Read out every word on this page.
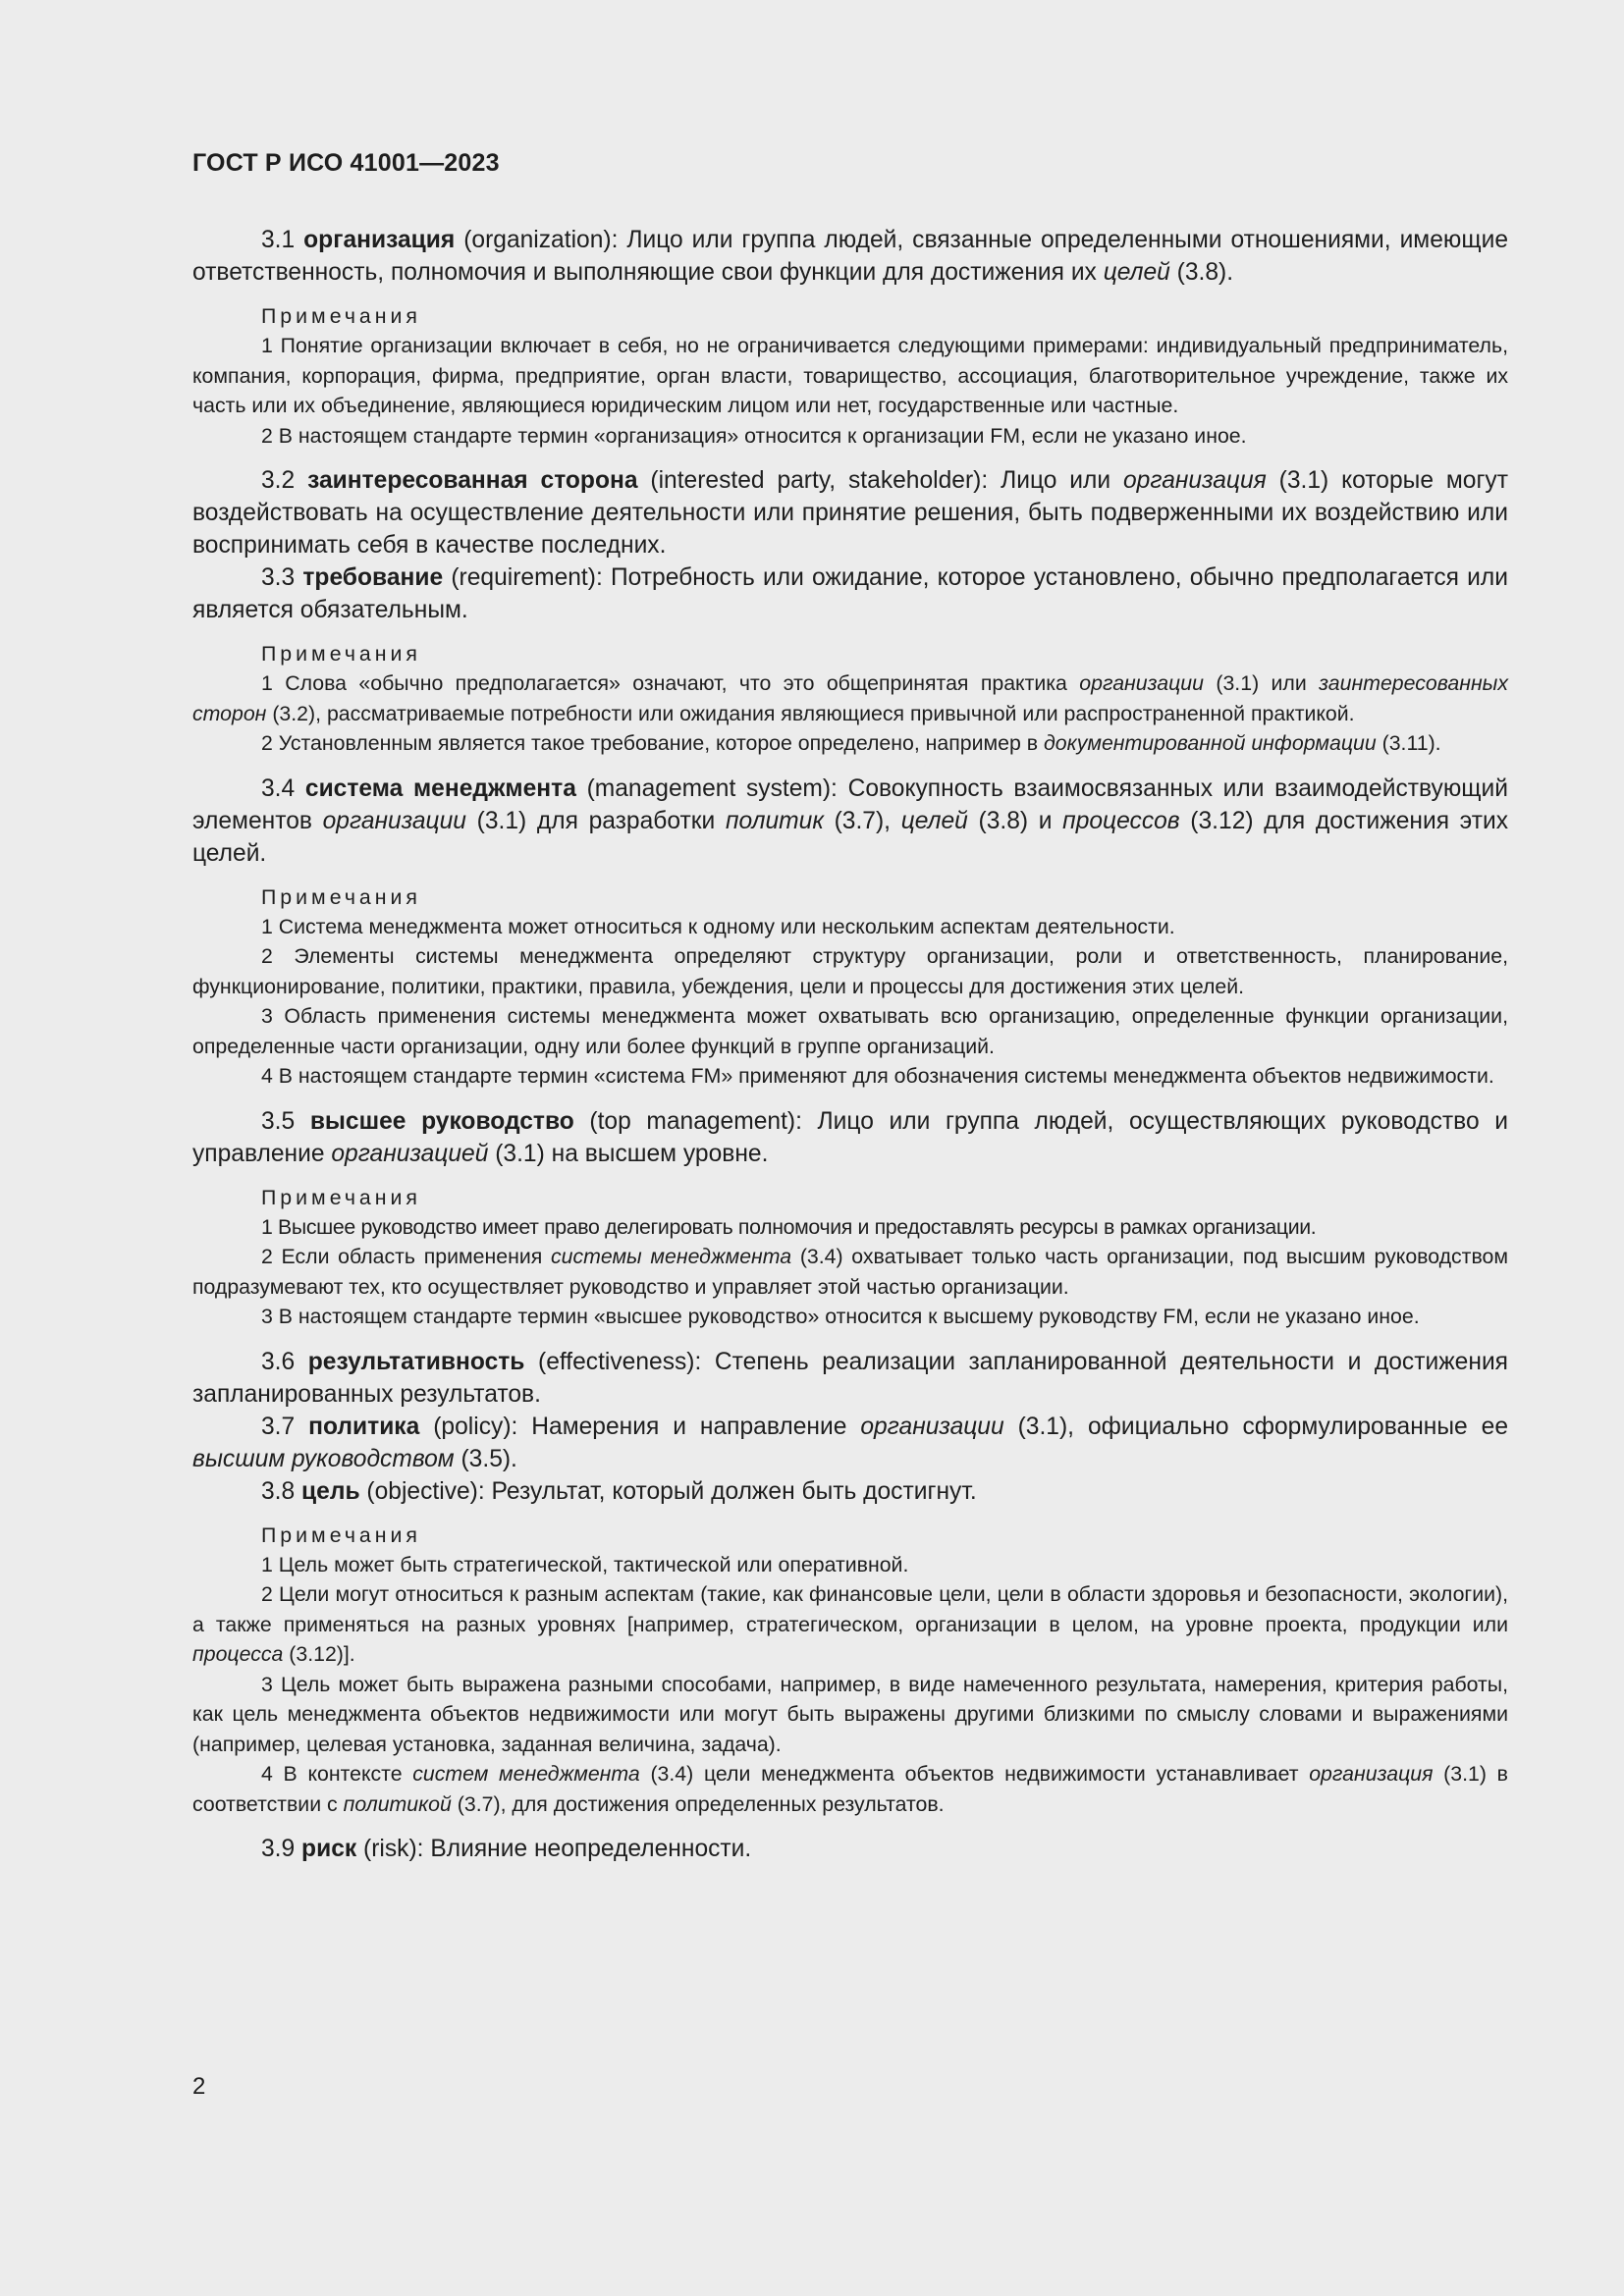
ГОСТ Р ИСО 41001—2023

3.1 организация (organization): Лицо или группа людей, связанные определенными отношениями, имеющие ответственность, полномочия и выполняющие свои функции для достижения их целей (3.8).

Примечания

1 Понятие организации включает в себя, но не ограничивается следующими примерами: индивидуальный предприниматель, компания, корпорация, фирма, предприятие, орган власти, товарищество, ассоциация, благотворительное учреждение, также их часть или их объединение, являющиеся юридическим лицом или нет, государственные или частные.

2 В настоящем стандарте термин «организация» относится к организации FM, если не указано иное.

3.2 заинтересованная сторона (interested party, stakeholder): Лицо или организация (3.1) которые могут воздействовать на осуществление деятельности или принятие решения, быть подверженными их воздействию или воспринимать себя в качестве последних.

3.3 требование (requirement): Потребность или ожидание, которое установлено, обычно предполагается или является обязательным.

Примечания

1 Слова «обычно предполагается» означают, что это общепринятая практика организации (3.1) или заинтересованных сторон (3.2), рассматриваемые потребности или ожидания являющиеся привычной или распространенной практикой.

2 Установленным является такое требование, которое определено, например в документированной информации (3.11).

3.4 система менеджмента (management system): Совокупность взаимосвязанных или взаимодействующий элементов организации (3.1) для разработки политик (3.7), целей (3.8) и процессов (3.12) для достижения этих целей.

Примечания

1 Система менеджмента может относиться к одному или нескольким аспектам деятельности.

2 Элементы системы менеджмента определяют структуру организации, роли и ответственность, планирование, функционирование, политики, практики, правила, убеждения, цели и процессы для достижения этих целей.

3 Область применения системы менеджмента может охватывать всю организацию, определенные функции организации, определенные части организации, одну или более функций в группе организаций.

4 В настоящем стандарте термин «система FM» применяют для обозначения системы менеджмента объектов недвижимости.

3.5 высшее руководство (top management): Лицо или группа людей, осуществляющих руководство и управление организацией (3.1) на высшем уровне.

Примечания

1 Высшее руководство имеет право делегировать полномочия и предоставлять ресурсы в рамках организации.

2 Если область применения системы менеджмента (3.4) охватывает только часть организации, под высшим руководством подразумевают тех, кто осуществляет руководство и управляет этой частью организации.

3 В настоящем стандарте термин «высшее руководство» относится к высшему руководству FM, если не указано иное.

3.6 результативность (effectiveness): Степень реализации запланированной деятельности и достижения запланированных результатов.

3.7 политика (policy): Намерения и направление организации (3.1), официально сформулированные ее высшим руководством (3.5).

3.8 цель (objective): Результат, который должен быть достигнут.

Примечания

1 Цель может быть стратегической, тактической или оперативной.

2 Цели могут относиться к разным аспектам (такие, как финансовые цели, цели в области здоровья и безопасности, экологии), а также применяться на разных уровнях [например, стратегическом, организации в целом, на уровне проекта, продукции или процесса (3.12)].

3 Цель может быть выражена разными способами, например, в виде намеченного результата, намерения, критерия работы, как цель менеджмента объектов недвижимости или могут быть выражены другими близкими по смыслу словами и выражениями (например, целевая установка, заданная величина, задача).

4 В контексте систем менеджмента (3.4) цели менеджмента объектов недвижимости устанавливает организация (3.1) в соответствии с политикой (3.7), для достижения определенных результатов.

3.9 риск (risk): Влияние неопределенности.

2
